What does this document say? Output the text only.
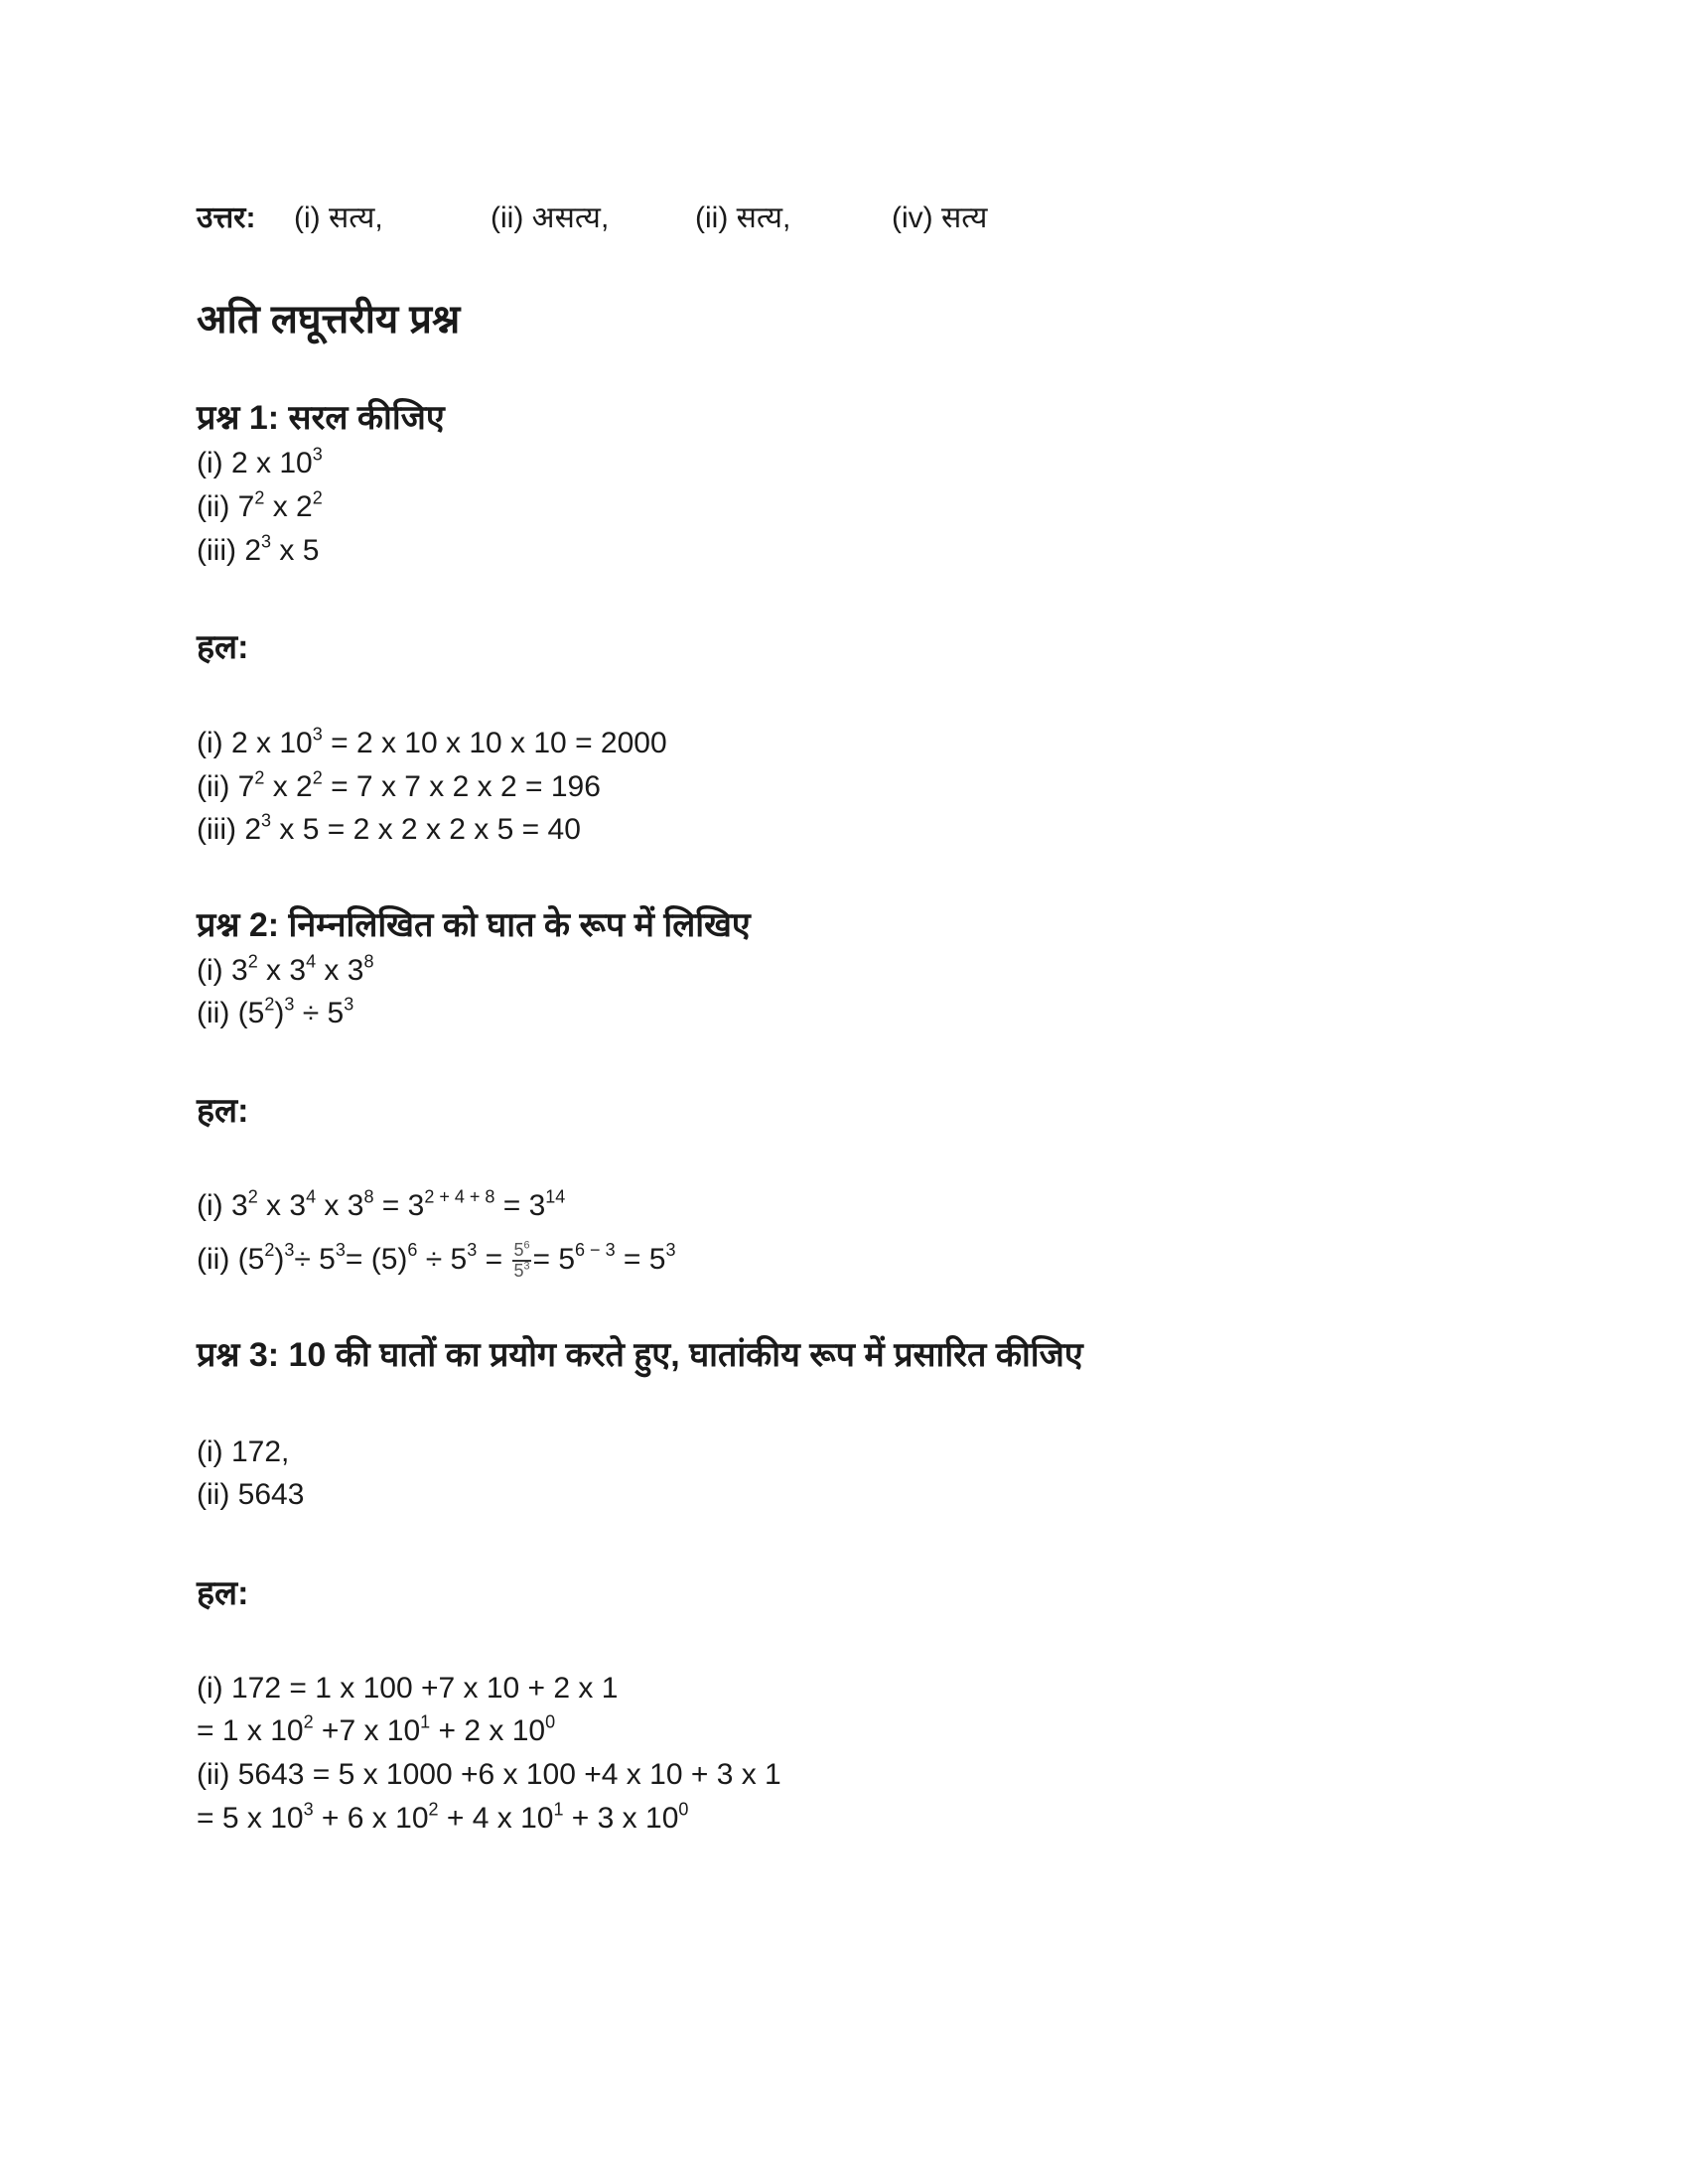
उत्तर: (i) सत्य,	(ii) असत्य,	(ii) सत्य,	(iv) सत्य
अति लघूत्तरीय प्रश्न
प्रश्न 1: सरल कीजिए
(i) 2 x $10^3$
(ii) $7^2$ x $2^2$
(iii) $2^3$ x 5
हल:
(i) 2 x $10^3 = 2$ x 10 x 10 x 10 = 2000
(ii) $7^2$ x $2^2 = 7$ x 7 x 2 x 2 = 196
(iii) $2^3$ x 5 = 2 x 2 x 2 x 5 = 40
प्रश्न 2: निम्नलिखित को घात के रूप में लिखिए
(i) $3^2$ x $3^4$ x $3^8$
(ii) $(5^2)^3 \div 5^3$
हल:
(i) $3^2$ x $3^4$ x $3^8 = 3^{2 + 4 + 8} = 3^{14}$
(ii) $(5^2)^3\div 5^3= (5)^6 \div 5^3 = \frac{5^6}{5^3} = 5^{6 - 3} = 5^3$
प्रश्न 3: 10 की घातों का प्रयोग करते हुए, घातांकीय रूप में प्रसारित कीजिए
(i) 172,
(ii) 5643
हल:
(i) 172 = 1 x 100 +7 x 10 + 2 x 1
= 1 x $10^2 +7$ x $10^1 + 2$ x $10^0$
(ii) 5643 = 5 x 1000 +6 x 100 +4 x 10 + 3 x 1
= 5 x $10^3 + 6$ x $10^2 + 4$ x $10^1 + 3$ x $10^0$
